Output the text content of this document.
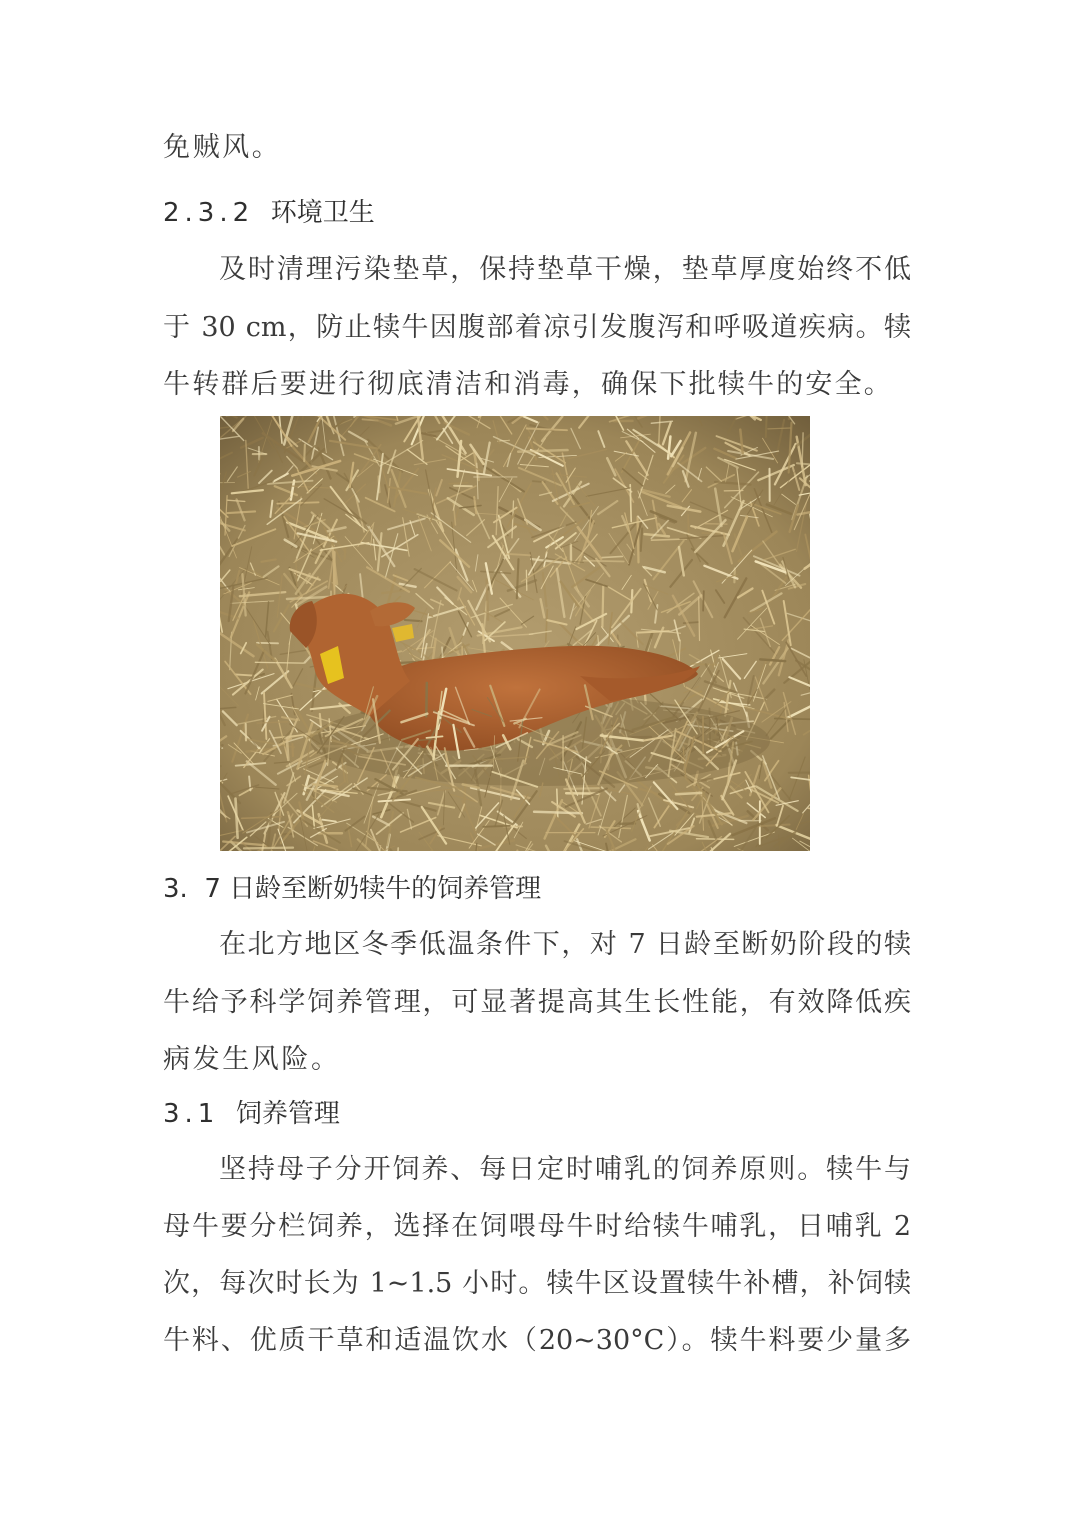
免贼风。
2.3.2 环境卫生
及时清理污染垫草，保持垫草干燥，垫草厚度始终不低
于 30 cm，防止犊牛因腹部着凉引发腹泻和呼吸道疾病。犊
牛转群后要进行彻底清洁和消毒，确保下批犊牛的安全。
3. 7 日龄至断奶犊牛的饲养管理
在北方地区冬季低温条件下，对 7 日龄至断奶阶段的犊
牛给予科学饲养管理，可显著提高其生长性能，有效降低疾
病发生风险。
3.1 饲养管理
坚持母子分开饲养、每日定时哺乳的饲养原则。犊牛与
母牛要分栏饲养，选择在饲喂母牛时给犊牛哺乳，日哺乳 2
次，每次时长为 1~1.5 小时。犊牛区设置犊牛补槽，补饲犊
牛料、优质干草和适温饮水（20~30°C）。犊牛料要少量多
